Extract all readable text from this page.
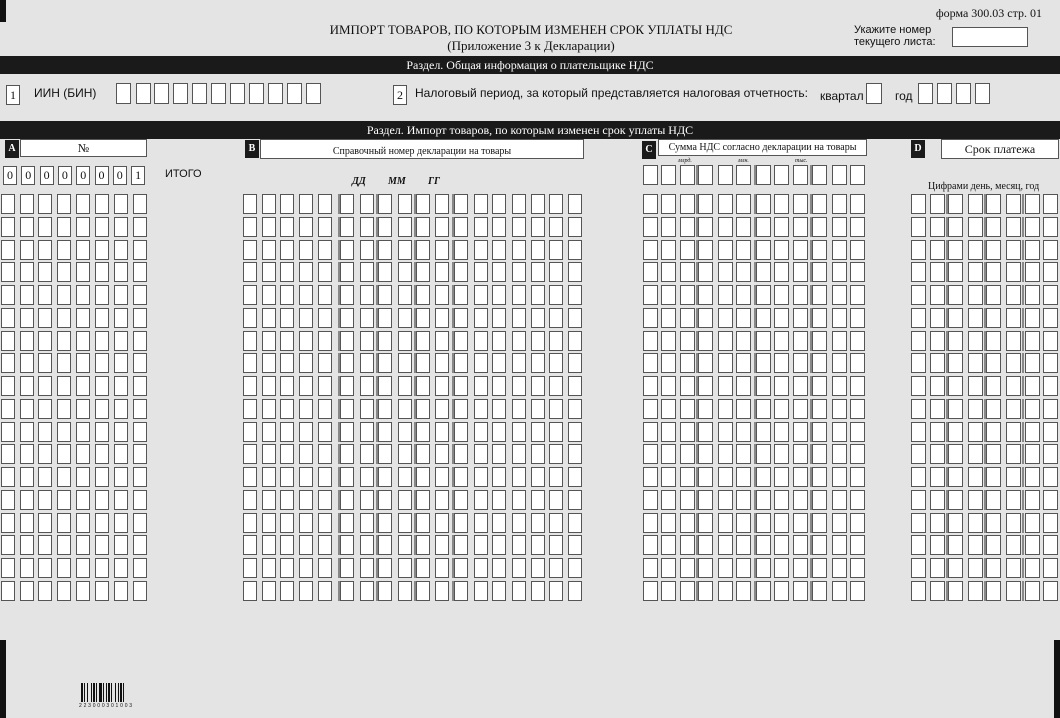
форма 300.03 стр. 01
ИМПОРТ ТОВАРОВ, ПО КОТОРЫМ ИЗМЕНЕН СРОК УПЛАТЫ НДС
(Приложение 3 к Декларации)
Укажите номер
текущего листа:
Раздел. Общая информация о плательщике НДС
1	ИИН (БИН)	2	Налоговый период, за который представляется налоговая отчетность: квартал	год
Раздел. Импорт товаров, по которым изменен срок уплаты НДС
A	№	B	Справочный номер декларации на товары	C	Сумма НДС согласно декларации на товары	D	Срок платежа
0	0	0	0	0	0	0	1	ИТОГО
ДД ММ ГГ
млрд.	млн.	тыс.
Цифрами день, месяц, год
2 2 3 0 0 0 3 0 1 0 0 3
